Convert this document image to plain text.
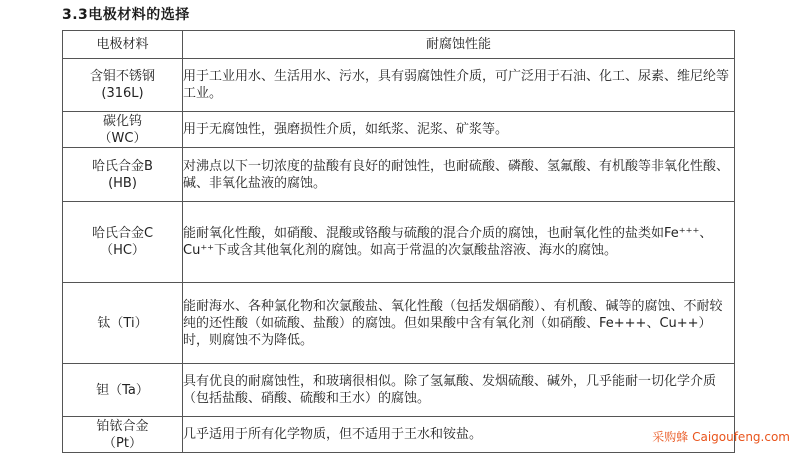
3.3电极材料的选择
电极材料	耐腐蚀性能

含钼不锈钢
(316L)	用于工业用水、生活用水、污水，具有弱腐蚀性介质，可广泛用于石油、化工、尿素、维尼纶等工业。

碳化钨
（WC）	用于无腐蚀性，强磨损性介质，如纸浆、泥浆、矿浆等。

哈氏合金B
(HB)	对沸点以下一切浓度的盐酸有良好的耐蚀性，也耐硫酸、磷酸、氢氟酸、有机酸等非氧化性酸、碱、非氧化盐液的腐蚀。

哈氏合金C
（HC）	能耐氧化性酸，如硝酸、混酸或铬酸与硫酸的混合介质的腐蚀，也耐氧化性的盐类如Fe⁺⁺⁺、Cu⁺⁺下或含其他氧化剂的腐蚀。如高于常温的次氯酸盐溶液、海水的腐蚀。

钛（Ti）	能耐海水、各种氯化物和次氯酸盐、氧化性酸（包括发烟硝酸）、有机酸、碱等的腐蚀、不耐较纯的还性酸（如硫酸、盐酸）的腐蚀。但如果酸中含有氧化剂（如硝酸、Fe+++、Cu++）时，则腐蚀不为降低。

钽（Ta）	具有优良的耐腐蚀性，和玻璃很相似。除了氢氟酸、发烟硫酸、碱外，几乎能耐一切化学介质（包括盐酸、硝酸、硫酸和王水）的腐蚀。

铂铱合金
（Pt）	几乎适用于所有化学物质，但不适用于王水和铵盐。	采购蜂 Caigoufeng.com
